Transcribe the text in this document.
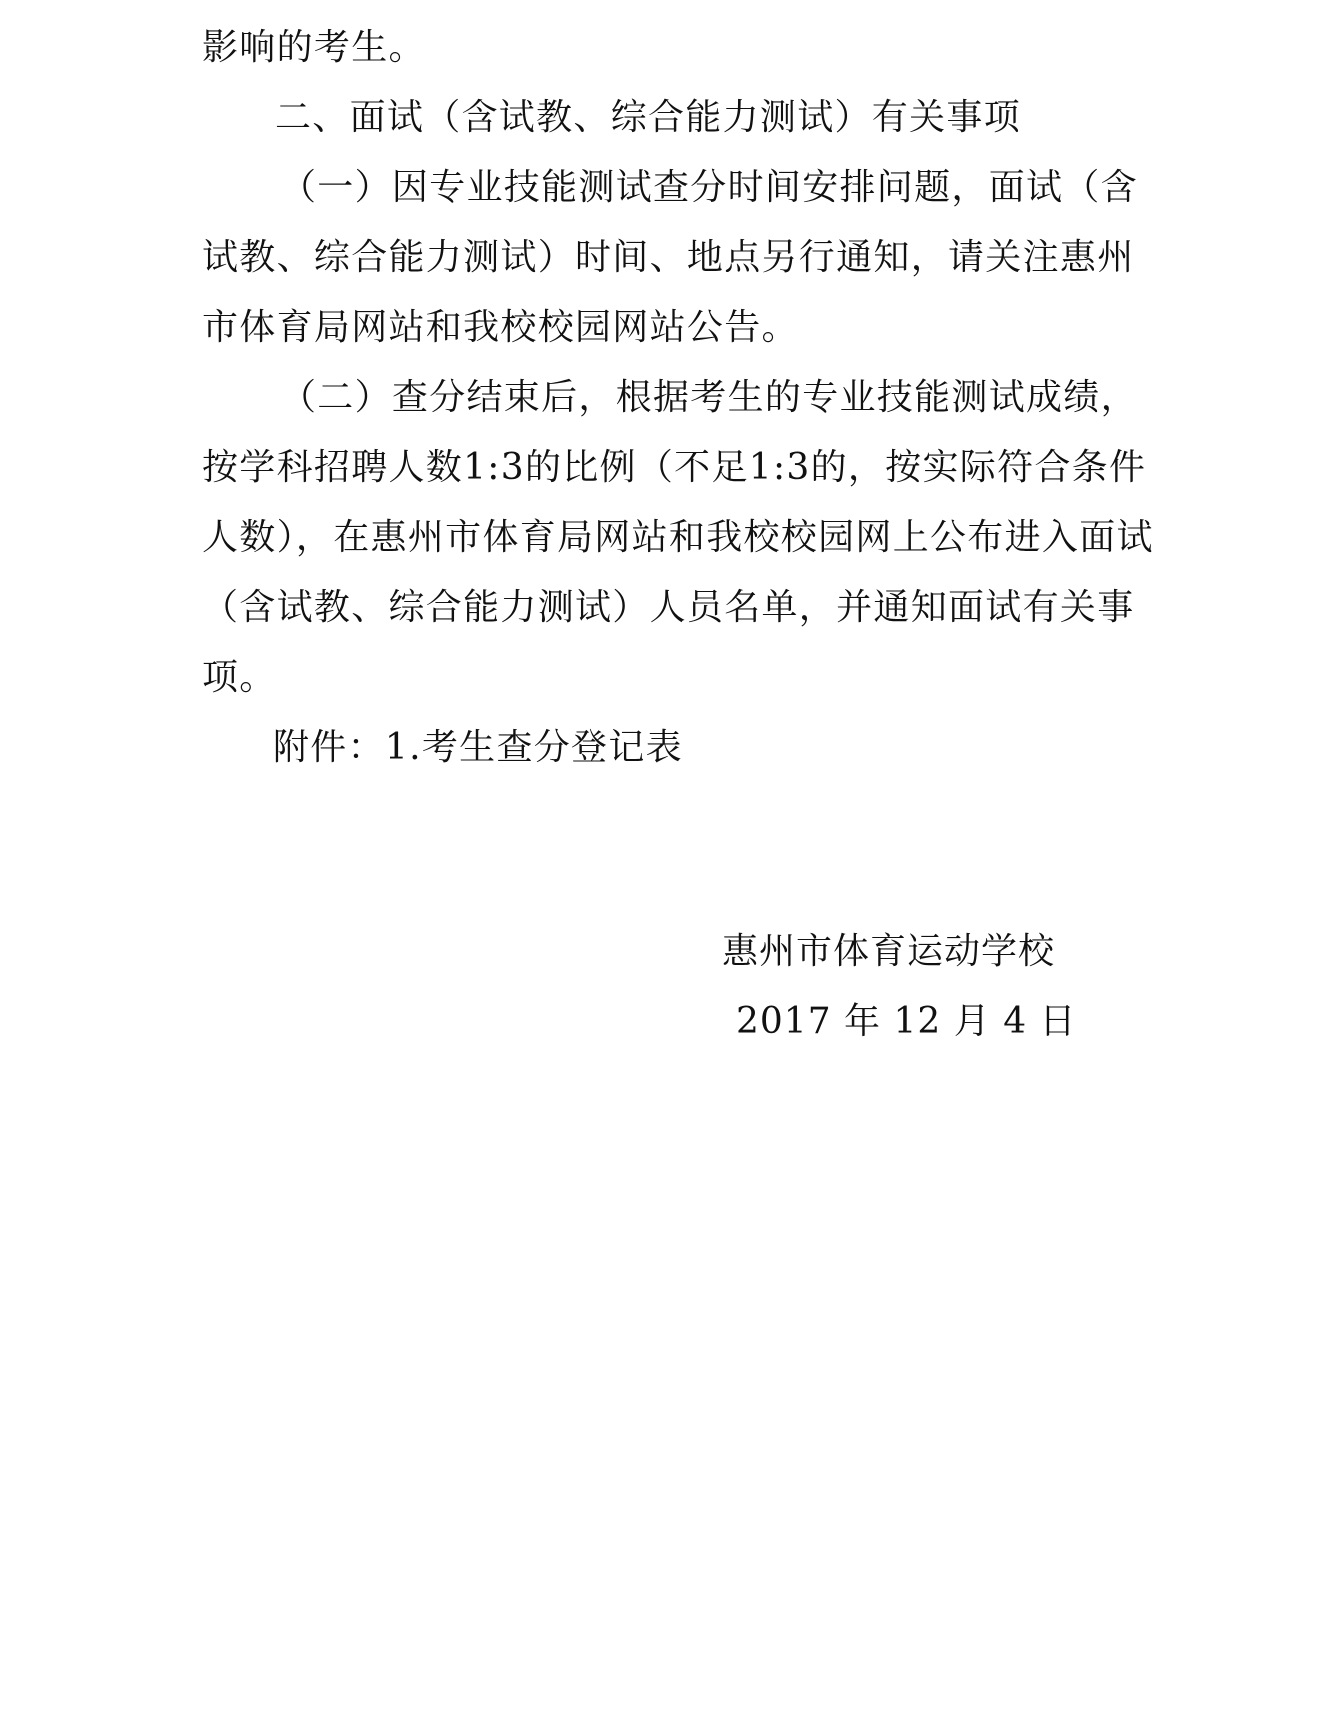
影响的考生。
二、面试（含试教、综合能力测试）有关事项
（一）因专业技能测试查分时间安排问题，面试（含
试教、综合能力测试）时间、地点另行通知，请关注惠州
市体育局网站和我校校园网站公告。
（二）查分结束后，根据考生的专业技能测试成绩，
按学科招聘人数1:3的比例（不足1:3的，按实际符合条件
人数），在惠州市体育局网站和我校校园网上公布进入面试
（含试教、综合能力测试）人员名单，并通知面试有关事
项。
附件：1.考生查分登记表
惠州市体育运动学校
2017 年 12 月 4 日
